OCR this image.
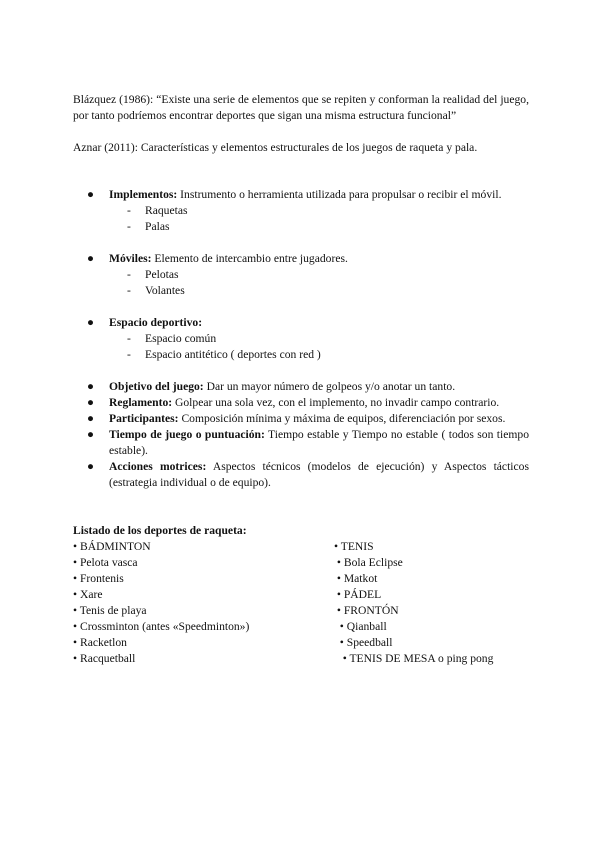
Blázquez (1986): “Existe una serie de elementos que se repiten y conforman la realidad del juego, por tanto podríemos encontrar deportes que sigan una misma estructura funcional”
Aznar (2011): Características y elementos estructurales de los juegos de raqueta y pala.
● Implementos: Instrumento o herramienta utilizada para propulsar o recibir el móvil.
- Raquetas
- Palas
● Móviles: Elemento de intercambio entre jugadores.
- Pelotas
- Volantes
● Espacio deportivo:
- Espacio común
- Espacio antitético ( deportes con red )
● Objetivo del juego: Dar un mayor número de golpeos y/o anotar un tanto.
● Reglamento: Golpear una sola vez, con el implemento, no invadir campo contrario.
● Participantes: Composición mínima y máxima de equipos, diferenciación por sexos.
● Tiempo de juego o puntuación: Tiempo estable y Tiempo no estable ( todos son tiempo estable).
● Acciones motrices: Aspectos técnicos (modelos de ejecución) y Aspectos tácticos (estrategia individual o de equipo).
Listado de los deportes de raqueta:
• BÁDMINTON
• Pelota vasca
• Frontenis
• Xare
• Tenis de playa
• Crossminton (antes «Speedminton»)
• Racketlon
• Racquetball
• TENIS
• Bola Eclipse
• Matkot
• PÁDEL
• FRONTÓN
• Qianball
• Speedball
• TENIS DE MESA o ping pong
